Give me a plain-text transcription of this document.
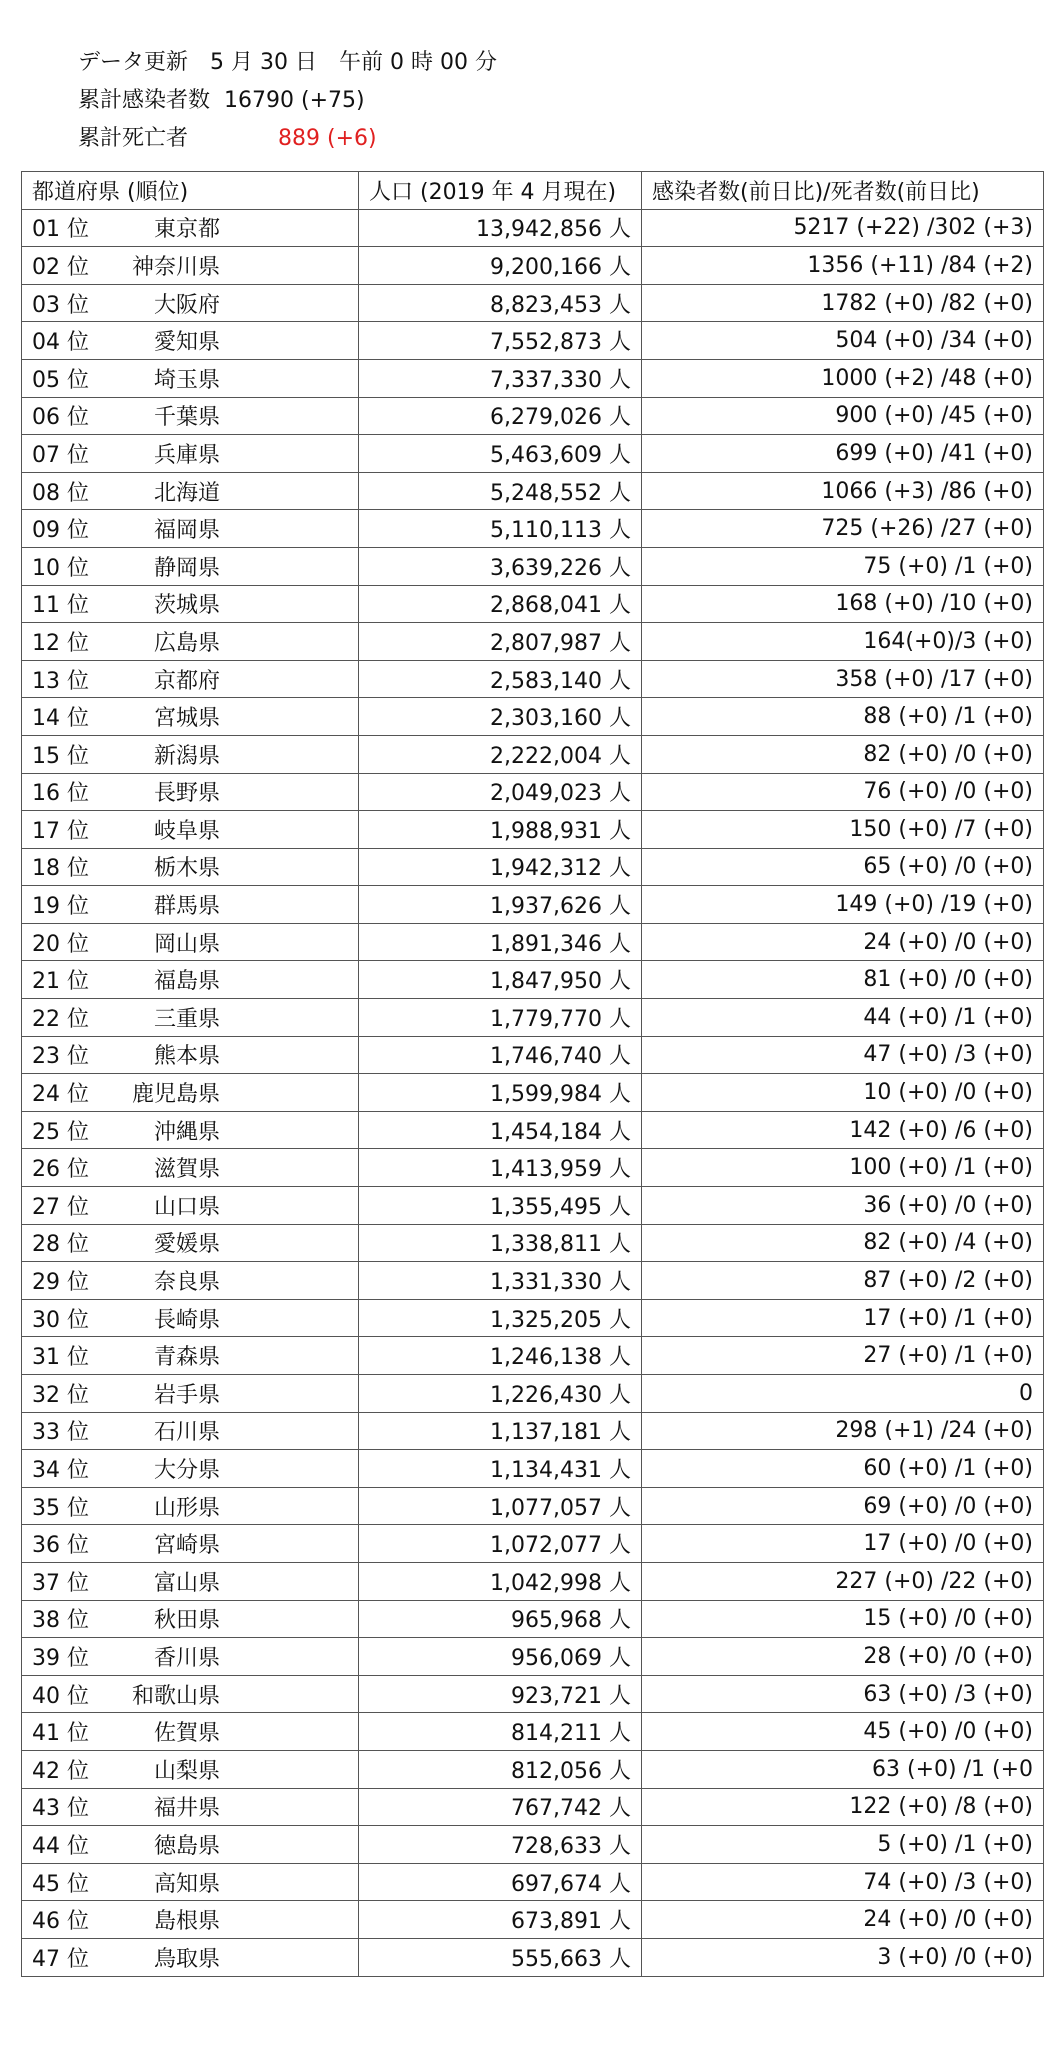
データ更新　 5 月 30 日　午前 0 時 00 分
累計感染者数 16790 (+75)
累計死亡者	889 (+6)
都道府県 (順位)	人口 (2019 年 4 月現在)	感染者数(前日比)/死者数(前日比)
01 位 東京都	13,942,856 人	5217 (+22) /302 (+3)
02 位 神奈川県	9,200,166 人	1356 (+11) /84 (+2)
03 位 大阪府	8,823,453 人	1782 (+0) /82 (+0)
04 位 愛知県	7,552,873 人	504 (+0) /34 (+0)
05 位 埼玉県	7,337,330 人	1000 (+2) /48 (+0)
06 位 千葉県	6,279,026 人	900 (+0) /45 (+0)
07 位 兵庫県	5,463,609 人	699 (+0) /41 (+0)
08 位 北海道	5,248,552 人	1066 (+3) /86 (+0)
09 位 福岡県	5,110,113 人	725 (+26) /27 (+0)
10 位 静岡県	3,639,226 人	75 (+0) /1 (+0)
11 位 茨城県	2,868,041 人	168 (+0) /10 (+0)
12 位 広島県	2,807,987 人	164(+0)/3 (+0)
13 位 京都府	2,583,140 人	358 (+0) /17 (+0)
14 位 宮城県	2,303,160 人	88 (+0) /1 (+0)
15 位 新潟県	2,222,004 人	82 (+0) /0 (+0)
16 位 長野県	2,049,023 人	76 (+0) /0 (+0)
17 位 岐阜県	1,988,931 人	150 (+0) /7 (+0)
18 位 栃木県	1,942,312 人	65 (+0) /0 (+0)
19 位 群馬県	1,937,626 人	149 (+0) /19 (+0)
20 位 岡山県	1,891,346 人	24 (+0) /0 (+0)
21 位 福島県	1,847,950 人	81 (+0) /0 (+0)
22 位 三重県	1,779,770 人	44 (+0) /1 (+0)
23 位 熊本県	1,746,740 人	47 (+0) /3 (+0)
24 位 鹿児島県	1,599,984 人	10 (+0) /0 (+0)
25 位 沖縄県	1,454,184 人	142 (+0) /6 (+0)
26 位 滋賀県	1,413,959 人	100 (+0) /1 (+0)
27 位 山口県	1,355,495 人	36 (+0) /0 (+0)
28 位 愛媛県	1,338,811 人	82 (+0) /4 (+0)
29 位 奈良県	1,331,330 人	87 (+0) /2 (+0)
30 位 長崎県	1,325,205 人	17 (+0) /1 (+0)
31 位 青森県	1,246,138 人	27 (+0) /1 (+0)
32 位 岩手県	1,226,430 人	0
33 位 石川県	1,137,181 人	298 (+1) /24 (+0)
34 位 大分県	1,134,431 人	60 (+0) /1 (+0)
35 位 山形県	1,077,057 人	69 (+0) /0 (+0)
36 位 宮崎県	1,072,077 人	17 (+0) /0 (+0)
37 位 富山県	1,042,998 人	227 (+0) /22 (+0)
38 位 秋田県	965,968 人	15 (+0) /0 (+0)
39 位 香川県	956,069 人	28 (+0) /0 (+0)
40 位 和歌山県	923,721 人	63 (+0) /3 (+0)
41 位 佐賀県	814,211 人	45 (+0) /0 (+0)
42 位 山梨県	812,056 人	63 (+0) /1 (+0
43 位 福井県	767,742 人	122 (+0) /8 (+0)
44 位 徳島県	728,633 人	5 (+0) /1 (+0)
45 位 高知県	697,674 人	74 (+0) /3 (+0)
46 位 島根県	673,891 人	24 (+0) /0 (+0)
47 位 鳥取県	555,663 人	3 (+0) /0 (+0)
